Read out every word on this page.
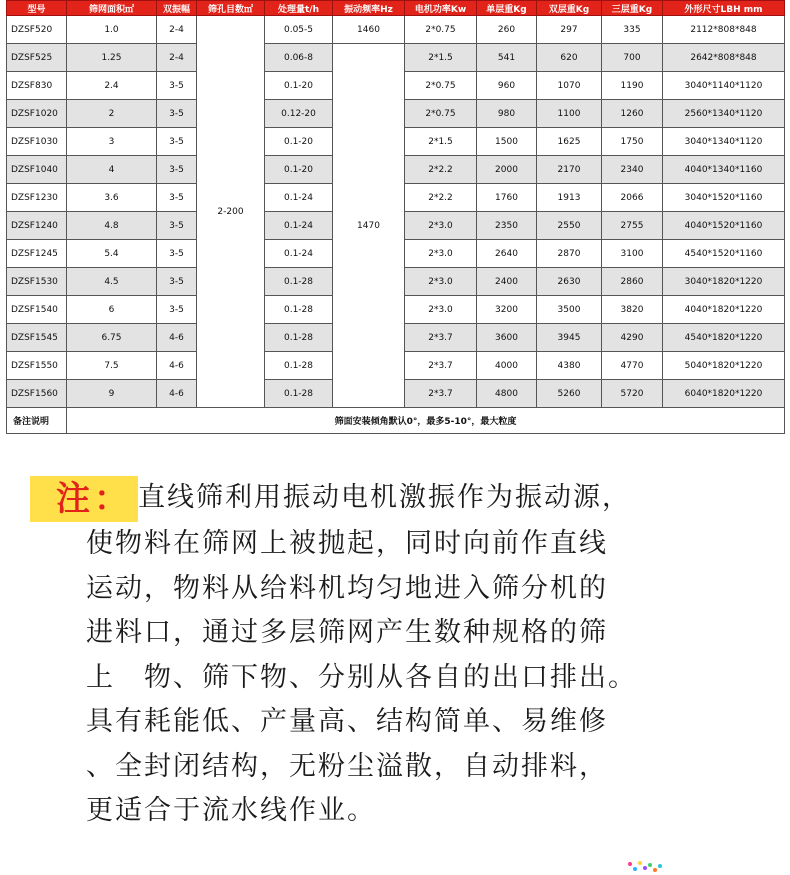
型号	筛网面积㎡	双振幅	筛孔目数㎡	处理量t/h	振动频率Hz	电机功率Kw	单层重Kg	双层重Kg	三层重Kg	外形尺寸LBH mm
DZSF520	1.0	2-4	2-200	0.05-5	1460	2*0.75	260	297	335	2112*808*848
DZSF525	1.25	2-4		0.06-8	1470	2*1.5	541	620	700	2642*808*848
DZSF830	2.4	3-5		0.1-20		2*0.75	960	1070	1190	3040*1140*1120
DZSF1020	2	3-5		0.12-20		2*0.75	980	1100	1260	2560*1340*1120
DZSF1030	3	3-5		0.1-20		2*1.5	1500	1625	1750	3040*1340*1120
DZSF1040	4	3-5		0.1-20		2*2.2	2000	2170	2340	4040*1340*1160
DZSF1230	3.6	3-5		0.1-24		2*2.2	1760	1913	2066	3040*1520*1160
DZSF1240	4.8	3-5		0.1-24		2*3.0	2350	2550	2755	4040*1520*1160
DZSF1245	5.4	3-5		0.1-24		2*3.0	2640	2870	3100	4540*1520*1160
DZSF1530	4.5	3-5		0.1-28		2*3.0	2400	2630	2860	3040*1820*1220
DZSF1540	6	3-5		0.1-28		2*3.0	3200	3500	3820	4040*1820*1220
DZSF1545	6.75	4-6		0.1-28		2*3.7	3600	3945	4290	4540*1820*1220
DZSF1550	7.5	4-6		0.1-28		2*3.7	4000	4380	4770	5040*1820*1220
DZSF1560	9	4-6		0.1-28		2*3.7	4800	5260	5720	6040*1820*1220
备注说明	筛面安装倾角默认0°，最多5-10°，最大粒度									
注 ： 直线筛利用振动电机激振作为振动源，
使物料在筛网上被抛起，同时向前作直线
运动，物料从给料机均匀地进入筛分机的
进料口，通过多层筛网产生数种规格的筛
上　物、筛下物、分别从各自的出口排出。
具有耗能低、产量高、结构简单、易维修
、全封闭结构，无粉尘溢散，自动排料，
更适合于流水线作业。
